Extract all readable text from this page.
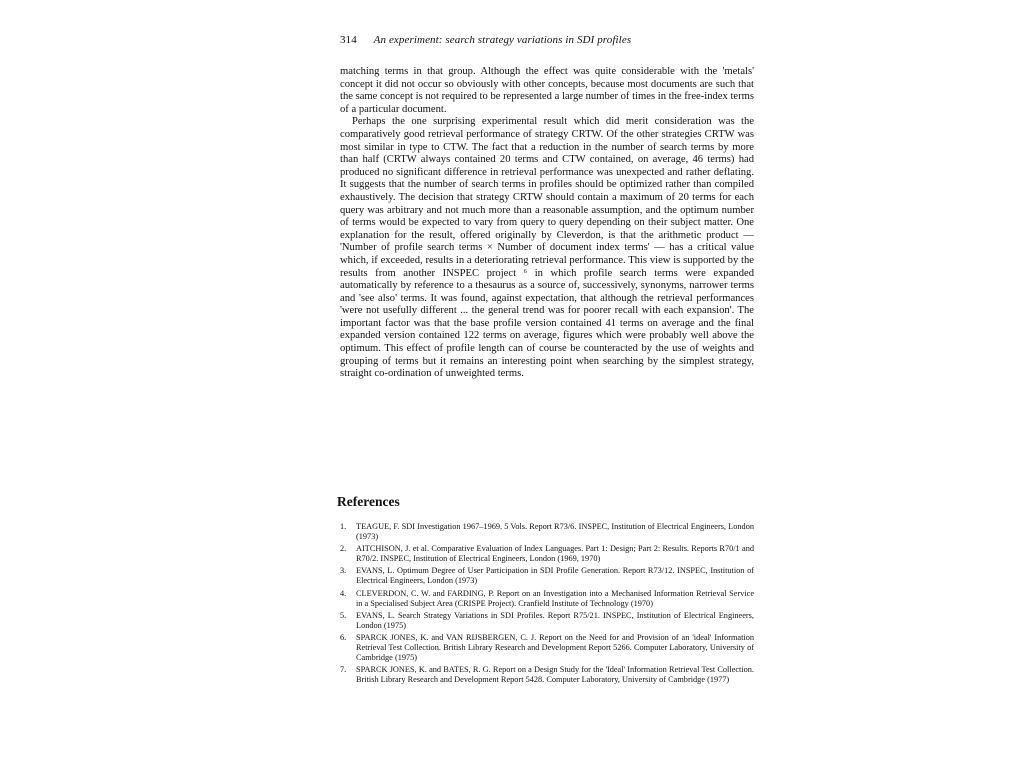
314 An experiment: search strategy variations in SDI profiles

matching terms in that group. Although the effect was quite considerable with the 'metals' concept it did not occur so obviously with other concepts, because most documents are such that the same concept is not required to be represented a large number of times in the free-index terms of a particular document.

Perhaps the one surprising experimental result which did merit consideration was the comparatively good retrieval performance of strategy CRTW. Of the other strategies CRTW was most similar in type to CTW. The fact that a reduction in the number of search terms by more than half (CRTW always contained 20 terms and CTW contained, on average, 46 terms) had produced no significant difference in retrieval performance was unexpected and rather deflating. It suggests that the number of search terms in profiles should be optimized rather than compiled exhaustively. The decision that strategy CRTW should contain a maximum of 20 terms for each query was arbitrary and not much more than a reasonable assumption, and the optimum number of terms would be expected to vary from query to query depending on their subject matter. One explanation for the result, offered originally by Cleverdon, is that the arithmetic product — 'Number of profile search terms × Number of document index terms' — has a critical value which, if exceeded, results in a deteriorating retrieval performance. This view is supported by the results from another INSPEC project ⁶ in which profile search terms were expanded automatically by reference to a thesaurus as a source of, successively, synonyms, narrower terms and 'see also' terms. It was found, against expectation, that although the retrieval performances 'were not usefully different ... the general trend was for poorer recall with each expansion'. The important factor was that the base profile version contained 41 terms on average and the final expanded version contained 122 terms on average, figures which were probably well above the optimum. This effect of profile length can of course be counteracted by the use of weights and grouping of terms but it remains an interesting point when searching by the simplest strategy, straight co-ordination of unweighted terms.

References
1. TEAGUE, F. SDI Investigation 1967–1969. 5 Vols. Report R73/6. INSPEC, Institution of Electrical Engineers, London (1973)
2. AITCHISON, J. et al. Comparative Evaluation of Index Languages. Part 1: Design; Part 2: Results. Reports R70/1 and R70/2. INSPEC, Institution of Electrical Engineers, London (1969, 1970)
3. EVANS, L. Optimum Degree of User Participation in SDI Profile Generation. Report R73/12. INSPEC, Institution of Electrical Engineers, London (1973)
4. CLEVERDON, C. W. and FARDING, P. Report on an Investigation into a Mechanised Information Retrieval Service in a Specialised Subject Area (CRISPE Project). Cranfield Institute of Technology (1970)
5. EVANS, L. Search Strategy Variations in SDI Profiles. Report R75/21. INSPEC, Institution of Electrical Engineers, London (1975)
6. SPARCK JONES, K. and VAN RIJSBERGEN, C. J. Report on the Need for and Provision of an 'ideal' Information Retrieval Test Collection. British Library Research and Development Report 5266. Computer Laboratory, University of Cambridge (1975)
7. SPARCK JONES, K. and BATES, R. G. Report on a Design Study for the 'Ideal' Information Retrieval Test Collection. British Library Research and Development Report 5428. Computer Laboratory, University of Cambridge (1977)
